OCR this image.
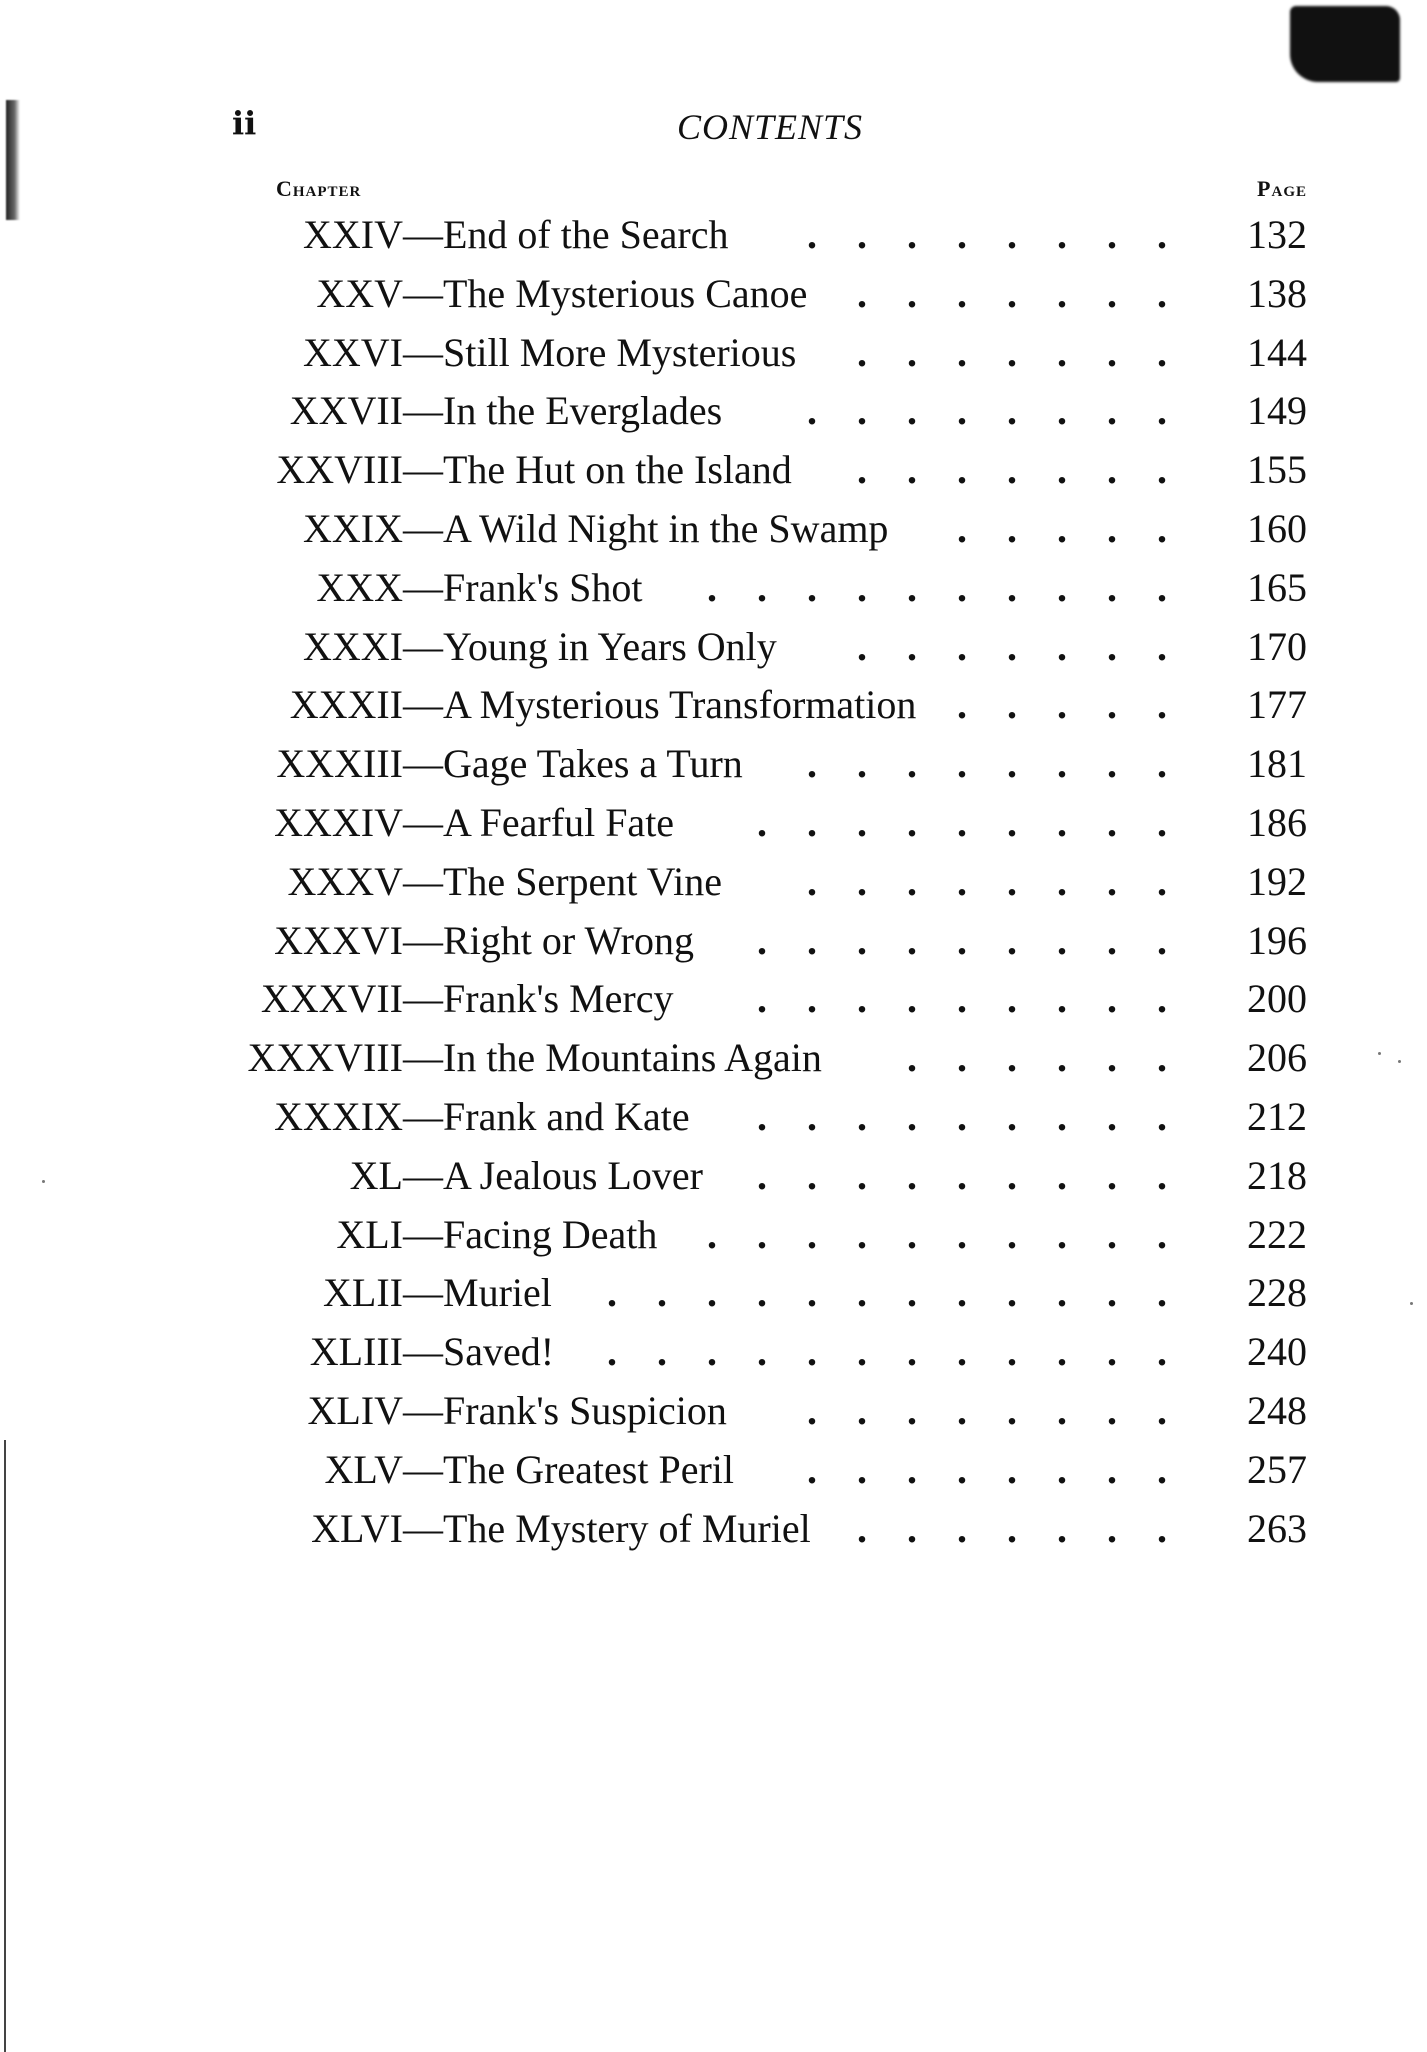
ii	CONTENTS
Chapter	Page
XXIV —End of the Search	. . . . . . . .	132
XXV —The Mysterious Canoe	. . . . . . .	138
XXVI —Still More Mysterious	. . . . . . .	144
XXVII —In the Everglades	. . . . . . . .	149
XXVIII —The Hut on the Island	. . . . . . .	155
XXIX —A Wild Night in the Swamp	. . . . .	160
XXX —Frank's Shot	. . . . . . . . . .	165
XXXI —Young in Years Only	. . . . . . .	170
XXXII —A Mysterious Transformation	. . . . .	177
XXXIII —Gage Takes a Turn	. . . . . . . .	181
XXXIV —A Fearful Fate	. . . . . . . . .	186
XXXV —The Serpent Vine	. . . . . . . .	192
XXXVI —Right or Wrong	. . . . . . . . .	196
XXXVII —Frank's Mercy	. . . . . . . . .	200
XXXVIII —In the Mountains Again	. . . . . .	206
XXXIX —Frank and Kate	. . . . . . . . .	212
XL —A Jealous Lover	. . . . . . . . .	218
XLI —Facing Death	. . . . . . . . . .	222
XLII —Muriel	. . . . . . . . . . . .	228
XLIII —Saved!	. . . . . . . . . . . .	240
XLIV —Frank's Suspicion	. . . . . . . .	248
XLV —The Greatest Peril	. . . . . . . .	257
XLVI —The Mystery of Muriel	. . . . . . .	263
